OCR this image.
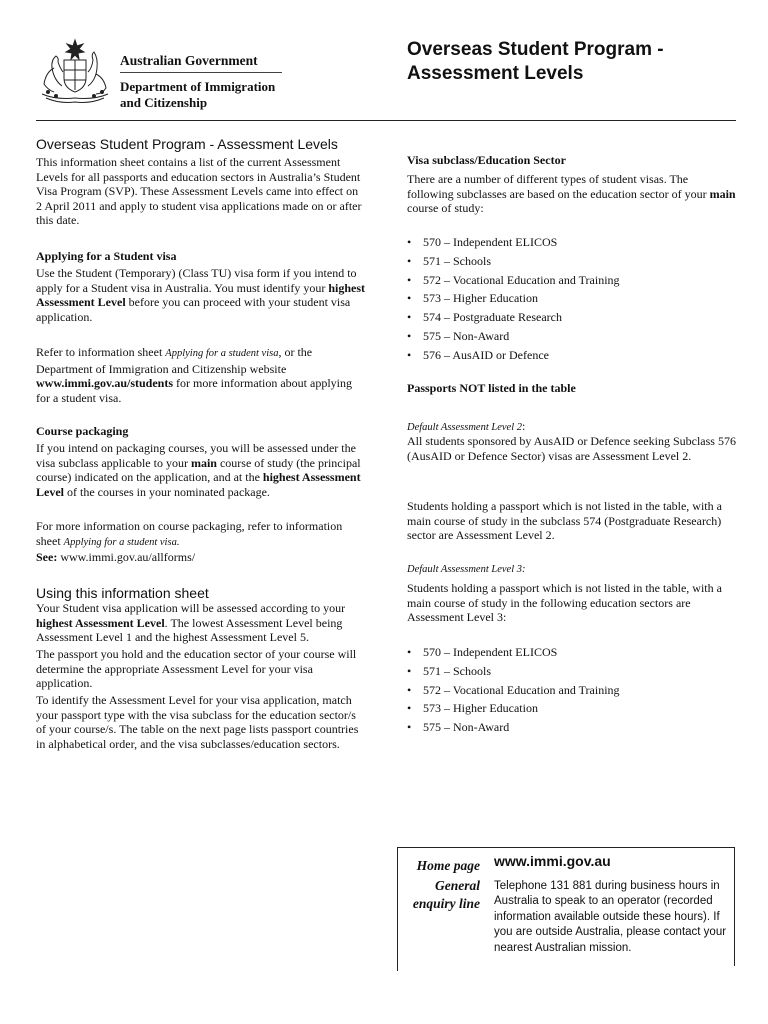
Australian Government
Department of Immigration
and Citizenship
Overseas Student Program -
Assessment Levels
Overseas Student Program - Assessment Levels
This information sheet contains a list of the current Assessment Levels for all passports and education sectors in Australia’s Student Visa Program (SVP). These Assessment Levels came into effect on 2 April 2011 and apply to student visa applications made on or after this date.
Applying for a Student visa
Use the Student (Temporary) (Class TU) visa form if you intend to apply for a Student visa in Australia. You must identify your highest Assessment Level before you can proceed with your student visa application.
Refer to information sheet Applying for a student visa, or the Department of Immigration and Citizenship website www.immi.gov.au/students for more information about applying for a student visa.
Course packaging
If you intend on packaging courses, you will be assessed under the visa subclass applicable to your main course of study (the principal course) indicated on the application, and at the highest Assessment Level of the courses in your nominated package.
For more information on course packaging, refer to information sheet Applying for a student visa.
See: www.immi.gov.au/allforms/
Using this information sheet
Your Student visa application will be assessed according to your highest Assessment Level. The lowest Assessment Level being Assessment Level 1 and the highest Assessment Level 5.
The passport you hold and the education sector of your course will determine the appropriate Assessment Level for your visa application.
To identify the Assessment Level for your visa application, match your passport type with the visa subclass for the education sector/s of your course/s. The table on the next page lists passport countries in alphabetical order, and the visa subclasses/education sectors.
Visa subclass/Education Sector
There are a number of different types of student visas. The following subclasses are based on the education sector of your main course of study:
• 570 – Independent ELICOS
• 571 – Schools
• 572 – Vocational Education and Training
• 573 – Higher Education
• 574 – Postgraduate Research
• 575 – Non-Award
• 576 – AusAID or Defence
Passports NOT listed in the table
Default Assessment Level 2:
All students sponsored by AusAID or Defence seeking Subclass 576 (AusAID or Defence Sector) visas are Assessment Level 2.
Students holding a passport which is not listed in the table, with a main course of study in the subclass 574 (Postgraduate Research) sector are Assessment Level 2.
Default Assessment Level 3:
Students holding a passport which is not listed in the table, with a main course of study in the following education sectors are Assessment Level 3:
• 570 – Independent ELICOS
• 571 – Schools
• 572 – Vocational Education and Training
• 573 – Higher Education
• 575 – Non-Award
Home page
General
enquiry line
www.immi.gov.au
Telephone 131 881 during business hours in Australia to speak to an operator (recorded information available outside these hours). If you are outside Australia, please contact your nearest Australian mission.
